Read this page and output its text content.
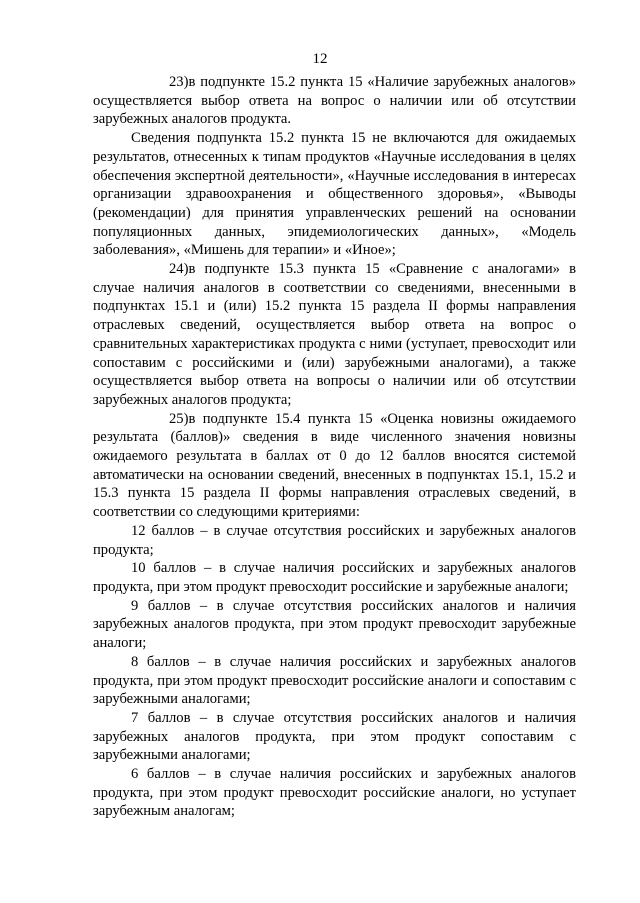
12

23)в подпункте 15.2 пункта 15 «Наличие зарубежных аналогов» осуществляется выбор ответа на вопрос о наличии или об отсутствии зарубежных аналогов продукта.

Сведения подпункта 15.2 пункта 15 не включаются для ожидаемых результатов, отнесенных к типам продуктов «Научные исследования в целях обеспечения экспертной деятельности», «Научные исследования в интересах организации здравоохранения и общественного здоровья», «Выводы (рекомендации) для принятия управленческих решений на основании популяционных данных, эпидемиологических данных», «Модель заболевания», «Мишень для терапии» и «Иное»;

24)в подпункте 15.3 пункта 15 «Сравнение с аналогами» в случае наличия аналогов в соответствии со сведениями, внесенными в подпунктах 15.1 и (или) 15.2 пункта 15 раздела II формы направления отраслевых сведений, осуществляется выбор ответа на вопрос о сравнительных характеристиках продукта с ними (уступает, превосходит или сопоставим с российскими и (или) зарубежными аналогами), а также осуществляется выбор ответа на вопросы о наличии или об отсутствии зарубежных аналогов продукта;

25)в подпункте 15.4 пункта 15 «Оценка новизны ожидаемого результата (баллов)» сведения в виде численного значения новизны ожидаемого результата в баллах от 0 до 12 баллов вносятся системой автоматически на основании сведений, внесенных в подпунктах 15.1, 15.2 и 15.3 пункта 15 раздела II формы направления отраслевых сведений, в соответствии со следующими критериями:

12 баллов – в случае отсутствия российских и зарубежных аналогов продукта;

10 баллов – в случае наличия российских и зарубежных аналогов продукта, при этом продукт превосходит российские и зарубежные аналоги;

9 баллов – в случае отсутствия российских аналогов и наличия зарубежных аналогов продукта, при этом продукт превосходит зарубежные аналоги;

8 баллов – в случае наличия российских и зарубежных аналогов продукта, при этом продукт превосходит российские аналоги и сопоставим с зарубежными аналогами;

7 баллов – в случае отсутствия российских аналогов и наличия зарубежных аналогов продукта, при этом продукт сопоставим с зарубежными аналогами;

6 баллов – в случае наличия российских и зарубежных аналогов продукта, при этом продукт превосходит российские аналоги, но уступает зарубежным аналогам;
